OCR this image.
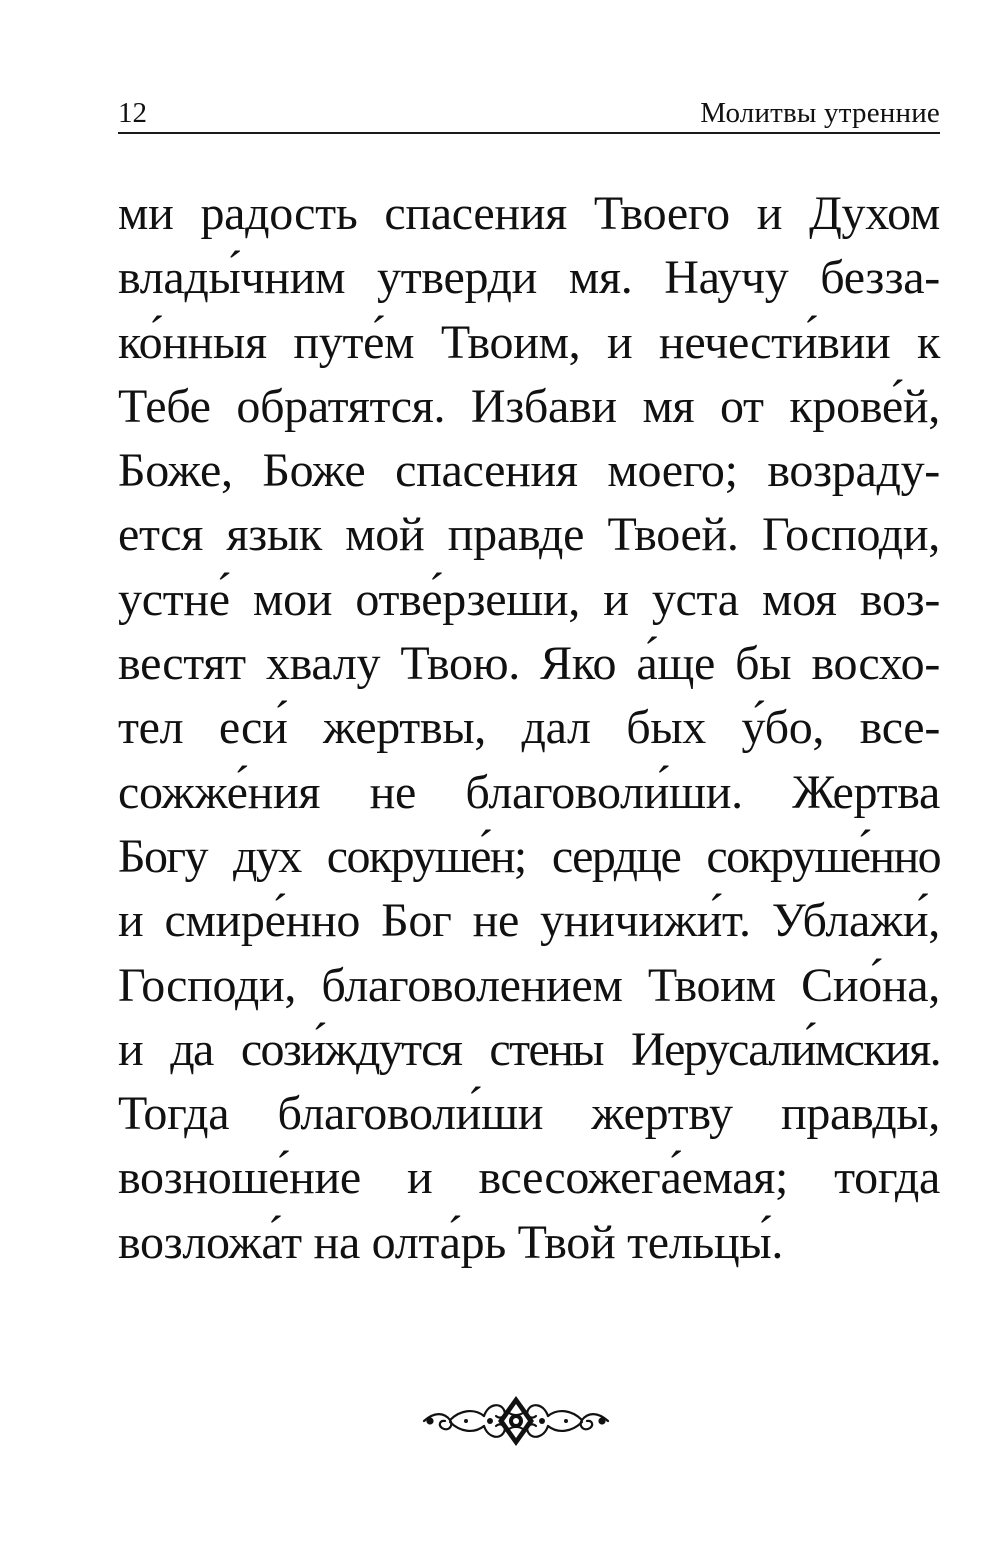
12	Молитвы утренние
ми радость спасения Твоего и Духом
влады́чним утверди мя. Научу безза-
ко́нныя путе́м Твоим, и нечести́вии к
Тебе обратятся. Избави мя от крове́й,
Боже, Боже спасения моего; возраду-
ется язык мой правде Твоей. Господи,
устне́ мои отве́рзеши, и уста моя воз-
вестят хвалу Твою. Яко а́ще бы восхо-
тел еси́ жертвы, дал бых у́бо, все-
сожже́ния не благоволи́ши. Жертва
Богу дух сокруше́н; сердце сокруше́нно
и смире́нно Бог не уничижи́т. Ублажи́,
Господи, благоволением Твоим Сио́на,
и да сози́ждутся стены Иерусали́мския.
Тогда благоволи́ши жертву правды,
вознoше́ние и всесожега́емая; тогда
возложа́т на олта́рь Твой тельцы́.
